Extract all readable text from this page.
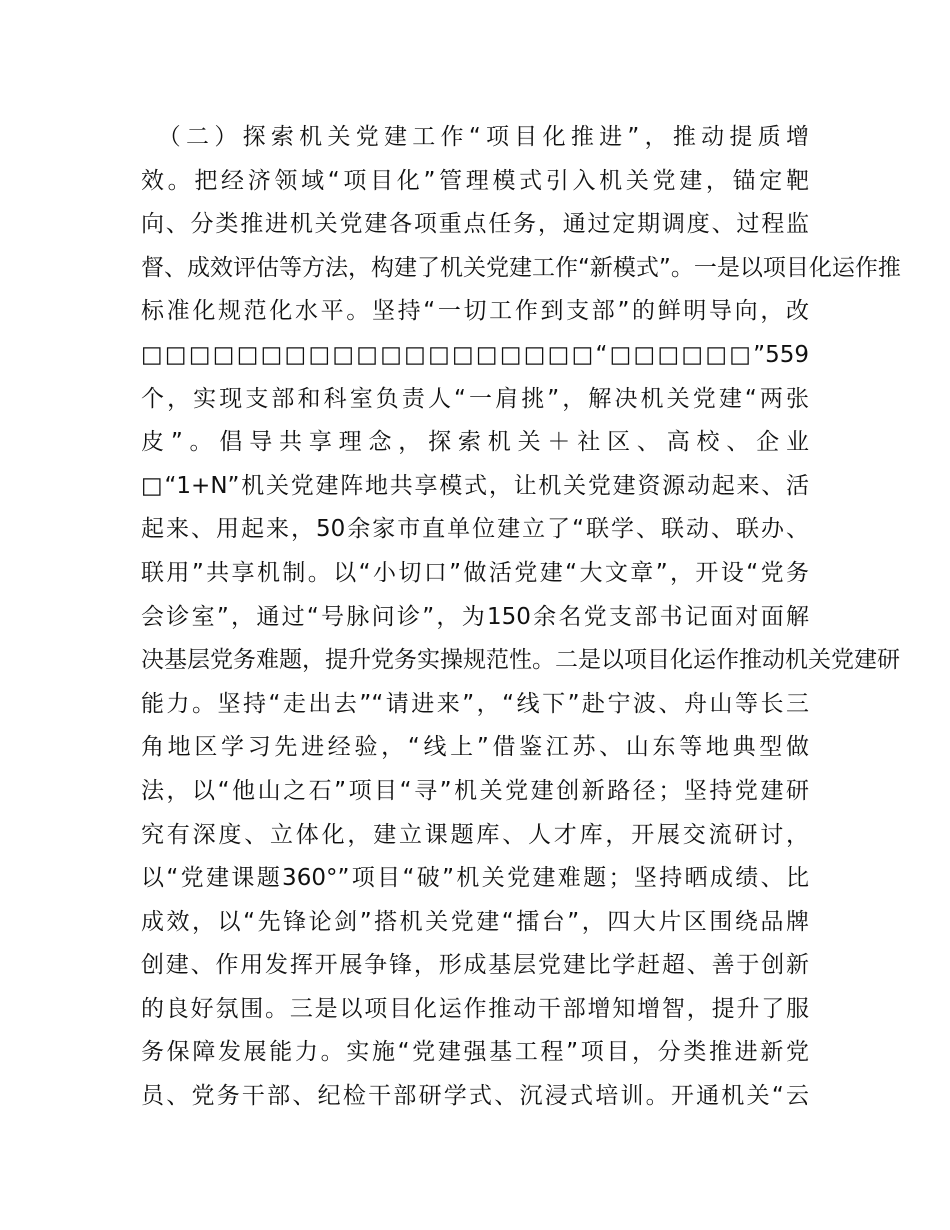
　（二）探索机关党建工作“项目化推进”，推动提质增
效。把经济领域“项目化”管理模式引入机关党建，锚定靶
向、分类推进机关党建各项重点任务，通过定期调度、过程监
督、成效评估等方法，构建了机关党建工作“新模式”。一是以项目化运作推
标准化规范化水平。坚持“一切工作到支部”的鲜明导向，改
□□□□□□□□□□□□□□□□□□□“□□□□□□”559
个，实现支部和科室负责人“一肩挑”，解决机关党建“两张
皮”。倡导共享理念，探索机关＋社区、高校、企业
□“1+N”机关党建阵地共享模式，让机关党建资源动起来、活
起来、用起来，50余家市直单位建立了“联学、联动、联办、
联用”共享机制。以“小切口”做活党建“大文章”，开设“党务
会诊室”，通过“号脉问诊”，为150余名党支部书记面对面解
决基层党务难题，提升党务实操规范性。二是以项目化运作推动机关党建研
能力。坚持“走出去”“请进来”，“线下”赴宁波、舟山等长三
角地区学习先进经验，“线上”借鉴江苏、山东等地典型做
法，以“他山之石”项目“寻”机关党建创新路径；坚持党建研
究有深度、立体化，建立课题库、人才库，开展交流研讨，
以“党建课题360°”项目“破”机关党建难题；坚持晒成绩、比
成效，以“先锋论剑”搭机关党建“擂台”，四大片区围绕品牌
创建、作用发挥开展争锋，形成基层党建比学赶超、善于创新
的良好氛围。三是以项目化运作推动干部增知增智，提升了服
务保障发展能力。实施“党建强基工程”项目，分类推进新党
员、党务干部、纪检干部研学式、沉浸式培训。开通机关“云
